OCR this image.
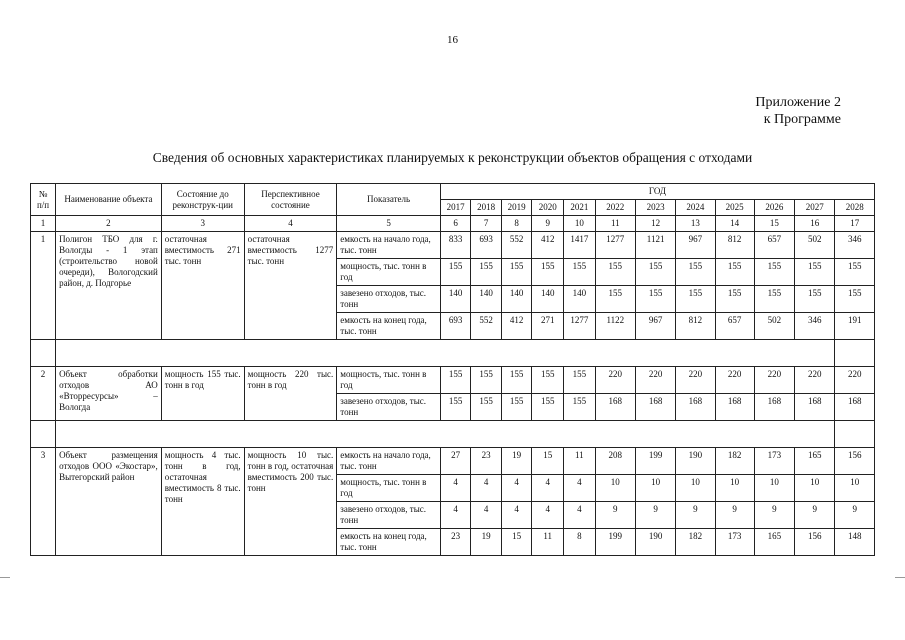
16
Приложение 2
к Программе
Сведения об основных характеристиках планируемых к реконструкции объектов обращения с отходами
№ п/п	Наименование объекта	Состояние до реконструк-ции	Перспективное состояние	Показатель	ГОД											
					2017	2018	2019	2020	2021	2022	2023	2024	2025	2026	2027	2028
1	2	3	4	5	6	7	8	9	10	11	12	13	14	15	16	17
1	Полигон ТБО для г. Вологды - 1 этап (строительство новой очереди), Вологодский район, д. Подгорье	остаточная вместимость 271 тыс. тонн	остаточная вместимость 1277 тыс. тонн	емкость на начало года, тыс. тонн	833	693	552	412	1417	1277	1121	967	812	657	502	346
				мощность, тыс. тонн в год	155	155	155	155	155	155	155	155	155	155	155	155
				завезено отходов, тыс. тонн	140	140	140	140	140	155	155	155	155	155	155	155
				емкость на конец года, тыс. тонн	693	552	412	271	1277	1122	967	812	657	502	346	191

2	Объект обработки отходов АО «Вторресурсы» – Вологда	мощность 155 тыс. тонн в год	мощность 220 тыс. тонн в год	мощность, тыс. тонн в год	155	155	155	155	155	220	220	220	220	220	220	220
				завезено отходов, тыс. тонн	155	155	155	155	155	168	168	168	168	168	168	168

3	Объект размещения отходов ООО «Экостар», Вытегорский район	мощность 4 тыс. тонн в год, остаточная вместимость 8 тыс. тонн	мощность 10 тыс. тонн в год, остаточная вместимость 200 тыс. тонн	емкость на начало года, тыс. тонн	27	23	19	15	11	208	199	190	182	173	165	156
				мощность, тыс. тонн в год	4	4	4	4	4	10	10	10	10	10	10	10
				завезено отходов, тыс. тонн	4	4	4	4	4	9	9	9	9	9	9	9
				емкость на конец года, тыс. тонн	23	19	15	11	8	199	190	182	173	165	156	148
